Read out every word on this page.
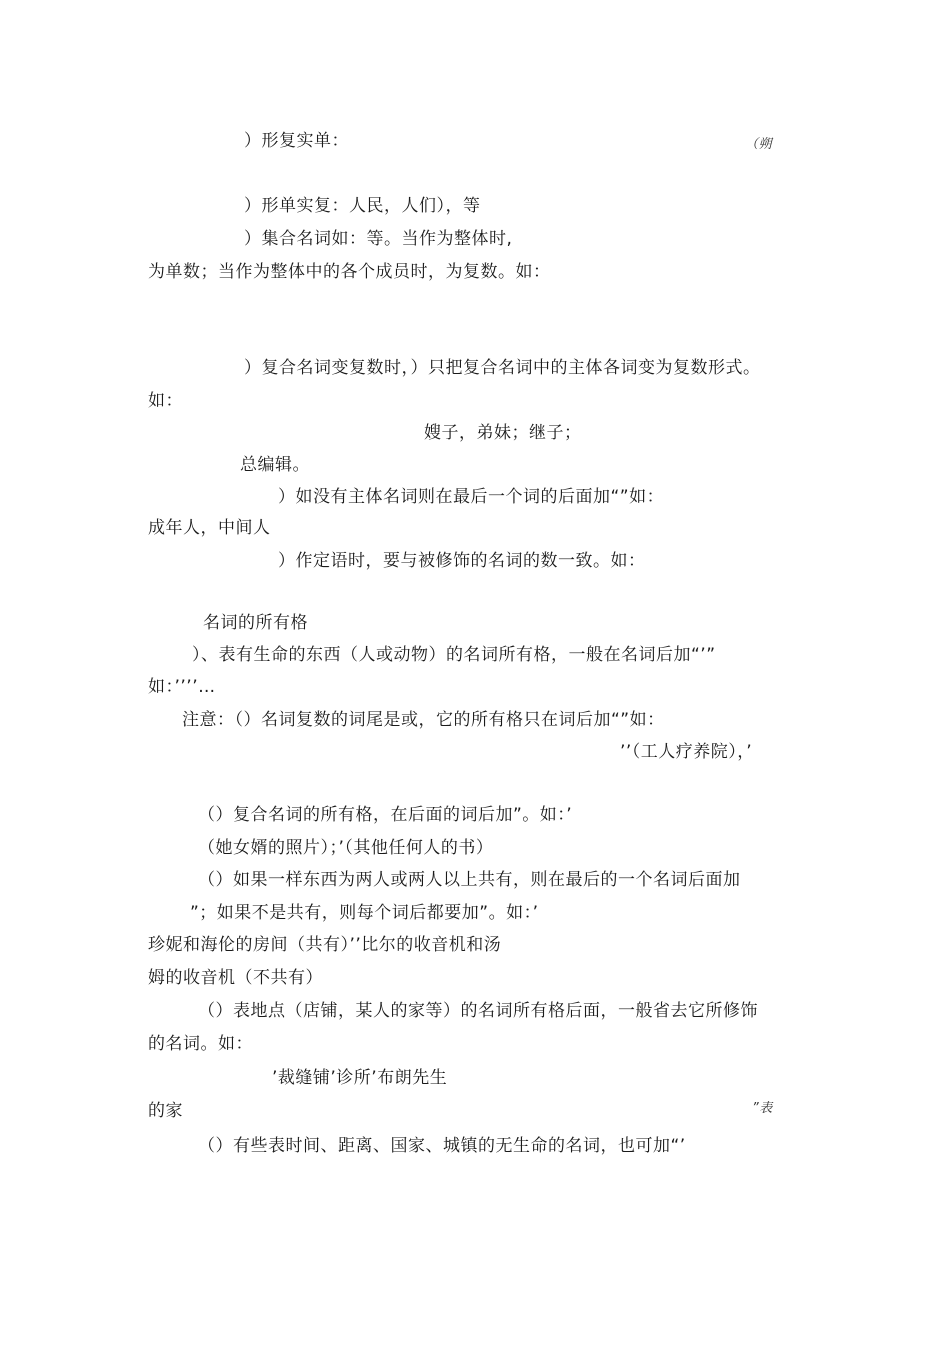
）形复实单：	（朔
）形单实复：人民，人们），等
）集合名词如：等。当作为整体时,
为单数；当作为整体中的各个成员时，为复数。如：
）复合名词变复数时，）只把复合名词中的主体各词变为复数形式。
如：
嫂子，弟妹；继子；
总编辑。
）如没有主体名词则在最后一个词的后面加“”如：
成年人，中间人
）作定语时，要与被修饰的名词的数一致。如：
名词的所有格
）、表有生命的东西（人或动物）的名词所有格，一般在名词后加“’”
如：’’’’…
注意：（）名词复数的词尾是或，它的所有格只在词后加“”如：
’’（工人疗养院），’
（）复合名词的所有格，在后面的词后加”。如：’
（她女婿的照片）；’（其他任何人的书）
（）如果一样东西为两人或两人以上共有，则在最后的一个名词后面加
”；如果不是共有，则每个词后都要加”。如：’
珍妮和海伦的房间（共有）’’比尔的收音机和汤
姆的收音机（不共有）
（）表地点（店铺，某人的家等）的名词所有格后面，一般省去它所修饰
的名词。如：
’裁缝铺’诊所’布朗先生
的家	”表
（）有些表时间、距离、国家、城镇的无生命的名词，也可加“’
